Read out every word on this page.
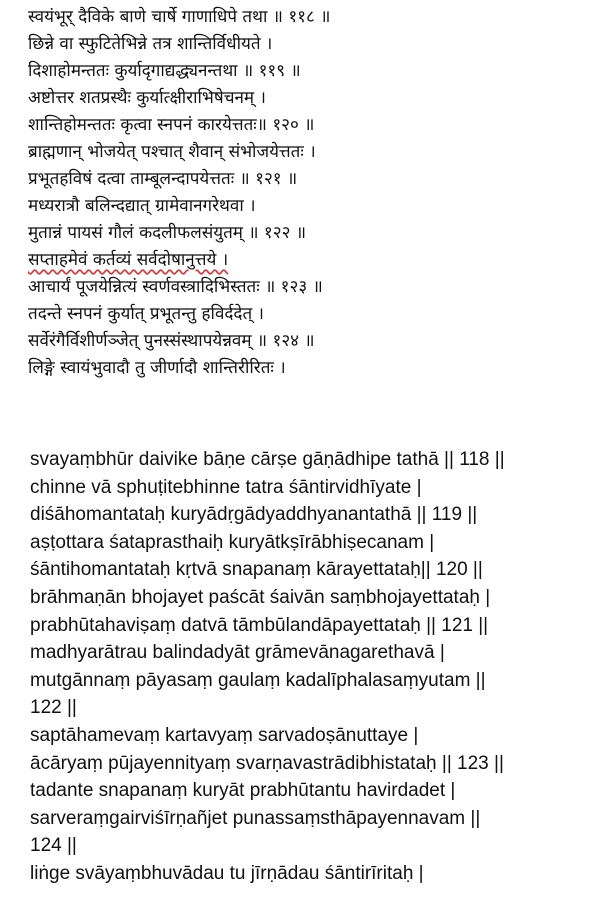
स्वयंभूर् दैविके बाणे चार्षे गाणाधिपे तथा ॥ ११८ ॥
छिन्ने वा स्फुटितेभिन्ने तत्र शान्तिर्विधीयते ।
दिशाहोमन्ततः कुर्यादृगाद्यद्ध्यनन्तथा ॥ ११९ ॥
अष्टोत्तर शतप्रस्थैः कुर्यात्क्षीराभिषेचनम् ।
शान्तिहोमन्ततः कृत्वा स्नपनं कारयेत्ततः॥ १२० ॥
ब्राह्मणान् भोजयेत् पश्चात् शैवान् संभोजयेत्ततः ।
प्रभूतहविषं दत्वा ताम्बूलन्दापयेत्ततः ॥ १२१ ॥
मध्यरात्रौ बलिन्दद्यात् ग्रामेवानगरेथवा ।
मुतान्नं पायसं गौलं कदलीफलसंयुतम् ॥ १२२ ॥
सप्ताहमेवं कर्तव्यं सर्वदोषानुत्तये ।
आचार्यं पूजयेन्नित्यं स्वर्णवस्त्रादिभिस्ततः ॥ १२३ ॥
तदन्ते स्नपनं कुर्यात् प्रभूतन्तु हविर्ददेत् ।
सर्वेरंगैर्विशीर्णञ्जेत् पुनस्संस्थापयेन्नवम् ॥ १२४ ॥
लिङ्गे स्वायंभुवादौ तु जीर्णादौ शान्तिरीरितः ।
svayaṃbhūr daivike bāṇe cārṣe gāṇādhipe tathā || 118 ||
chinne vā sphuṭitebhinne tatra śāntirvidhīyate |
diśāhomantataḥ kuryādṛgādyaddhyanantathā || 119 ||
aṣṭottara śataprasthaiḥ kuryātkṣīrābhiṣecanam |
śāntihomantataḥ kṛtvā snapanaṃ kārayettataḥ|| 120 ||
brāhmaṇān bhojayet paścāt śaivān saṃbhojayettataḥ |
prabhūtahaviṣaṃ datvā tāmbūlandāpayettataḥ || 121 ||
madhyarātrau balindadyāt grāmevānagarethavā |
mutgānnaṃ pāyasaṃ gaulaṃ kadalīphalasaṃyutam ||
122 ||
saptāhamevaṃ kartavyaṃ sarvadoṣānuttaye |
ācāryaṃ pūjayennityaṃ svarṇavastrādibhistataḥ || 123 ||
tadante snapanaṃ kuryāt prabhūtantu havirdadet |
sarveraṃgairviśīrṇañjet punassaṃsthāpayennavam ||
124 ||
liṅge svāyaṃbhuvādau tu jīrṇādau śāntirīritaḥ |
